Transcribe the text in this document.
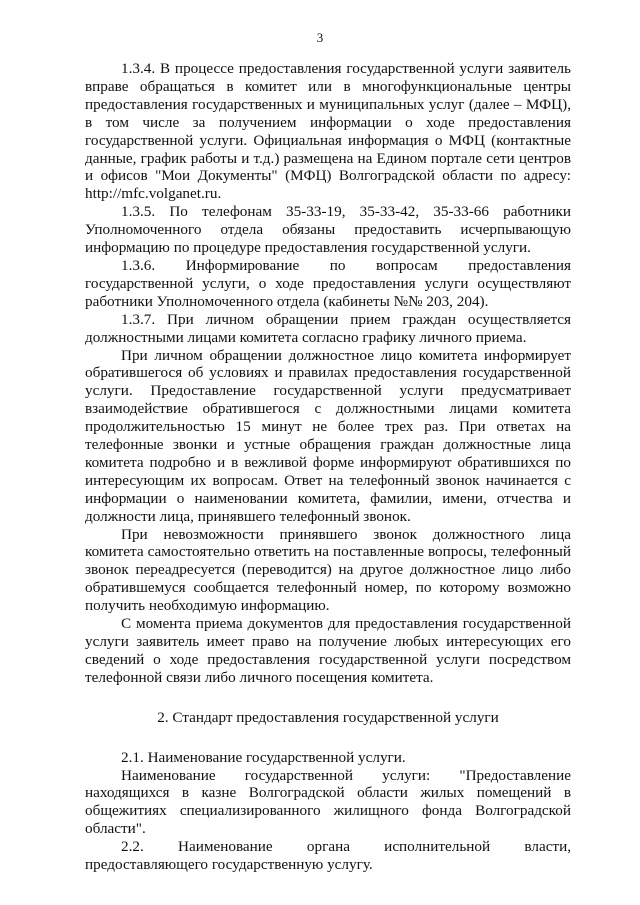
3

1.3.4. В процессе предоставления государственной услуги заявитель вправе обращаться в комитет или в многофункциональные центры предоставления государственных и муниципальных услуг (далее – МФЦ), в том числе за получением информации о ходе предоставления государственной услуги. Официальная информация о МФЦ (контактные данные, график работы и т.д.) размещена на Едином портале сети центров и офисов "Мои Документы" (МФЦ) Волгоградской области по адресу: http://mfc.volganet.ru.

1.3.5. По телефонам 35-33-19, 35-33-42, 35-33-66 работники Уполномоченного отдела обязаны предоставить исчерпывающую информацию по процедуре предоставления государственной услуги.

1.3.6. Информирование по вопросам предоставления государственной услуги, о ходе предоставления услуги осуществляют работники Уполномоченного отдела (кабинеты №№ 203, 204).

1.3.7. При личном обращении прием граждан осуществляется должностными лицами комитета согласно графику личного приема.

При личном обращении должностное лицо комитета информирует обратившегося об условиях и правилах предоставления государственной услуги. Предоставление государственной услуги предусматривает взаимодействие обратившегося с должностными лицами комитета продолжительностью 15 минут не более трех раз. При ответах на телефонные звонки и устные обращения граждан должностные лица комитета подробно и в вежливой форме информируют обратившихся по интересующим их вопросам. Ответ на телефонный звонок начинается с информации о наименовании комитета, фамилии, имени, отчества и должности лица, принявшего телефонный звонок.

При невозможности принявшего звонок должностного лица комитета самостоятельно ответить на поставленные вопросы, телефонный звонок переадресуется (переводится) на другое должностное лицо либо обратившемуся сообщается телефонный номер, по которому возможно получить необходимую информацию.

С момента приема документов для предоставления государственной услуги заявитель имеет право на получение любых интересующих его сведений о ходе предоставления государственной услуги посредством телефонной связи либо личного посещения комитета.

2. Стандарт предоставления государственной услуги

2.1. Наименование государственной услуги.

Наименование государственной услуги: "Предоставление находящихся в казне Волгоградской области жилых помещений в общежитиях специализированного жилищного фонда Волгоградской области".

2.2. Наименование органа исполнительной власти, предоставляющего государственную услугу.
